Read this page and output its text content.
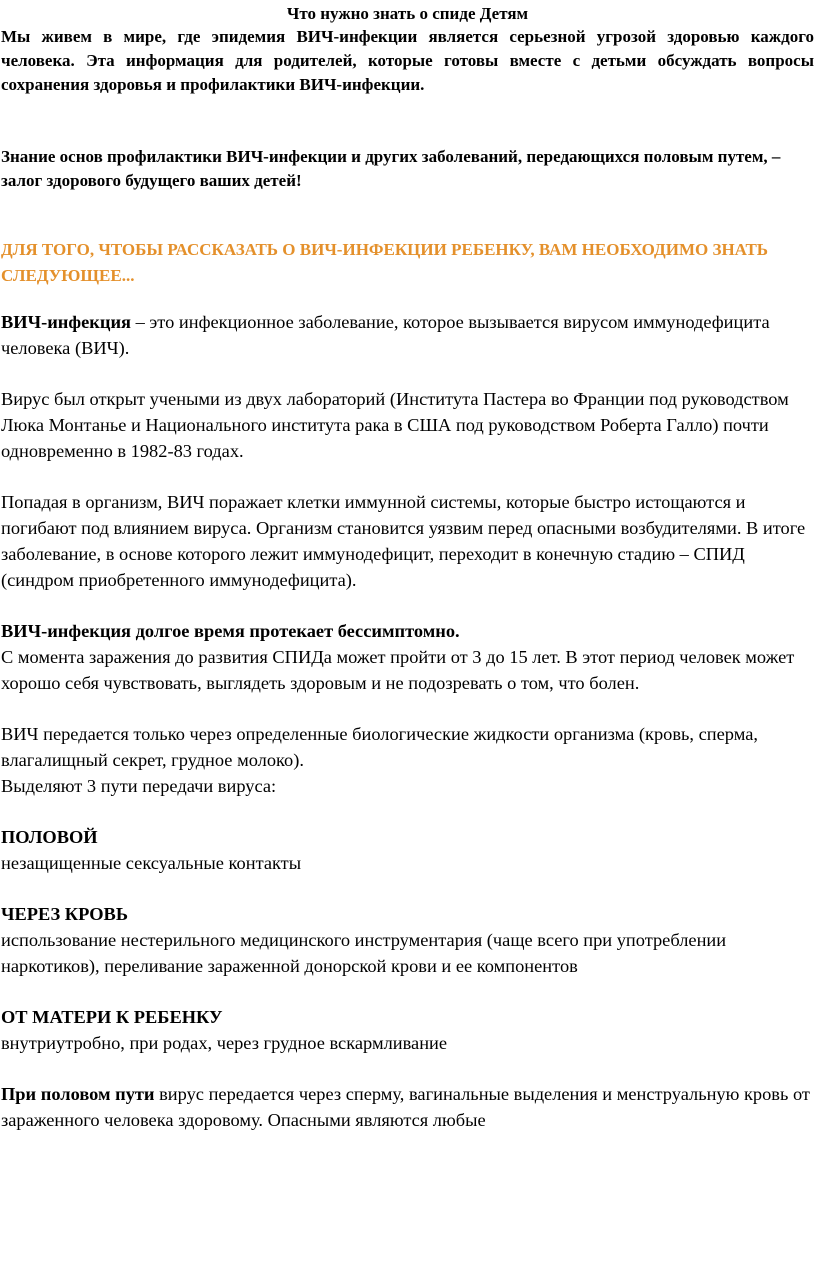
Что нужно знать о спиде Детям

Мы живем в мире, где эпидемия ВИЧ-инфекции является серьезной угрозой здоровью каждого человека. Эта информация для родителей, которые готовы вместе с детьми обсуждать вопросы сохранения здоровья и профилактики ВИЧ-инфекции.

Знание основ профилактики ВИЧ-инфекции и других заболеваний, передающихся половым путем, – залог здорового будущего ваших детей!

ДЛЯ ТОГО, ЧТОБЫ РАССКАЗАТЬ О ВИЧ-ИНФЕКЦИИ РЕБЕНКУ, ВАМ НЕОБХОДИМО ЗНАТЬ СЛЕДУЮЩЕЕ...

ВИЧ-инфекция – это инфекционное заболевание, которое вызывается вирусом иммунодефицита человека (ВИЧ).

Вирус был открыт учеными из двух лабораторий (Института Пастера во Франции под руководством Люка Монтанье и Национального института рака в США под руководством Роберта Галло) почти одновременно в 1982-83 годах.

Попадая в организм, ВИЧ поражает клетки иммунной системы, которые быстро истощаются и погибают под влиянием вируса. Организм становится уязвим перед опасными возбудителями. В итоге заболевание, в основе которого лежит иммунодефицит, переходит в конечную стадию – СПИД (синдром приобретенного иммунодефицита).

ВИЧ-инфекция долгое время протекает бессимптомно.

С момента заражения до развития СПИДа может пройти от 3 до 15 лет. В этот период человек может хорошо себя чувствовать, выглядеть здоровым и не подозревать о том, что болен.

ВИЧ передается только через определенные биологические жидкости организма (кровь, сперма, влагалищный секрет, грудное молоко).

Выделяют 3 пути передачи вируса:

ПОЛОВОЙ

незащищенные сексуальные контакты

ЧЕРЕЗ КРОВЬ

использование нестерильного медицинского инструментария (чаще всего при употреблении наркотиков), переливание зараженной донорской крови и ее компонентов

ОТ МАТЕРИ К РЕБЕНКУ

внутриутробно, при родах, через грудное вскармливание

При половом пути вирус передается через сперму, вагинальные выделения и менструальную кровь от зараженного человека здоровому. Опасными являются любые
